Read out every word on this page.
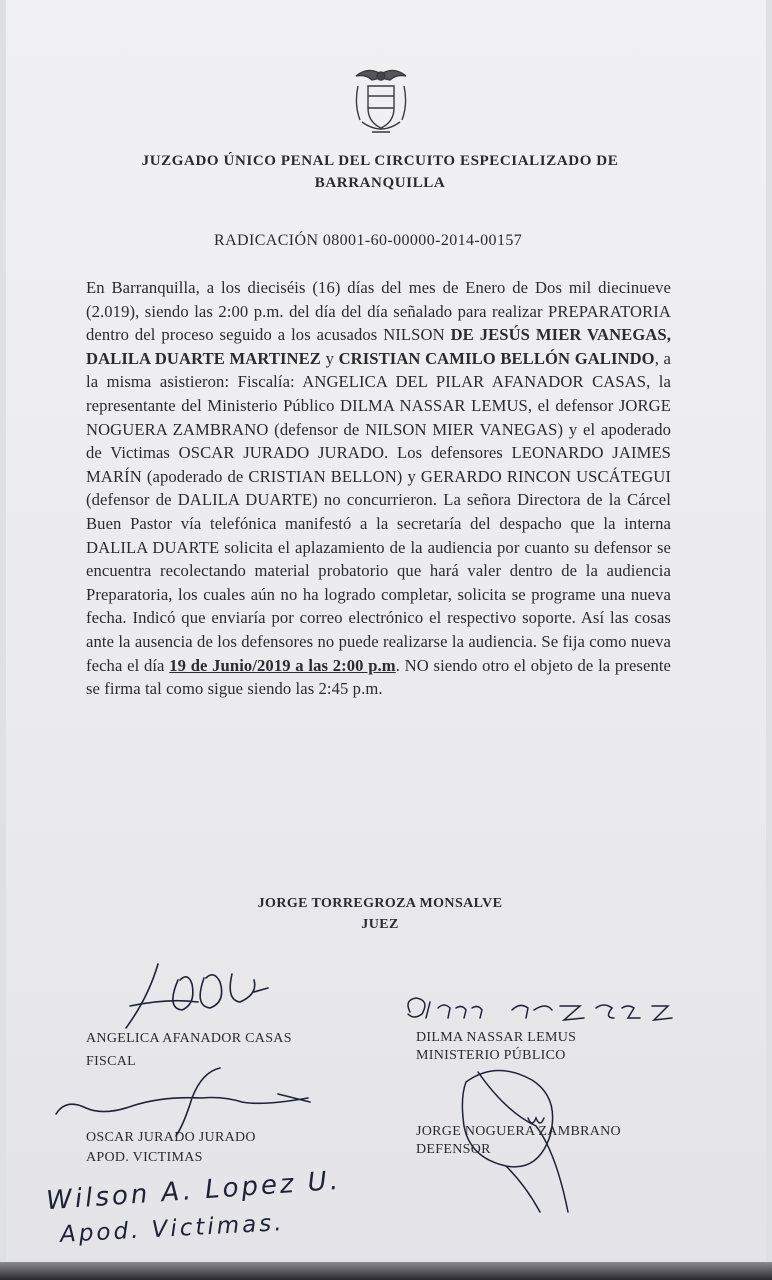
JUZGADO ÚNICO PENAL DEL CIRCUITO ESPECIALIZADO DE
BARRANQUILLA
RADICACIÓN 08001-60-00000-2014-00157
En Barranquilla, a los dieciséis (16) días del mes de Enero de Dos mil diecinueve (2.019), siendo las 2:00 p.m. del día del día señalado para realizar PREPARATORIA dentro del proceso seguido a los acusados NILSON DE JESÚS MIER VANEGAS, DALILA DUARTE MARTINEZ y CRISTIAN CAMILO BELLÓN GALINDO, a la misma asistieron: Fiscalía: ANGELICA DEL PILAR AFANADOR CASAS, la representante del Ministerio Público DILMA NASSAR LEMUS, el defensor JORGE NOGUERA ZAMBRANO (defensor de NILSON MIER VANEGAS) y el apoderado de Victimas OSCAR JURADO JURADO. Los defensores LEONARDO JAIMES MARÍN (apoderado de CRISTIAN BELLON) y GERARDO RINCON USCÁTEGUI (defensor de DALILA DUARTE) no concurrieron. La señora Directora de la Cárcel Buen Pastor vía telefónica manifestó a la secretaría del despacho que la interna DALILA DUARTE solicita el aplazamiento de la audiencia por cuanto su defensor se encuentra recolectando material probatorio que hará valer dentro de la audiencia Preparatoria, los cuales aún no ha logrado completar, solicita se programe una nueva fecha. Indicó que enviaría por correo electrónico el respectivo soporte. Así las cosas ante la ausencia de los defensores no puede realizarse la audiencia. Se fija como nueva fecha el día 19 de Junio/2019 a las 2:00 p.m. NO siendo otro el objeto de la presente se firma tal como sigue siendo las 2:45 p.m.
JORGE TORREGROZA MONSALVE
JUEZ
ANGELICA AFANADOR CASAS
FISCAL
DILMA NASSAR LEMUS
MINISTERIO PÚBLICO
OSCAR JURADO JURADO
APOD. VICTIMAS
JORGE NOGUERA ZAMBRANO
DEFENSOR
Wilson A. Lopez U.
Apod. Victimas.
